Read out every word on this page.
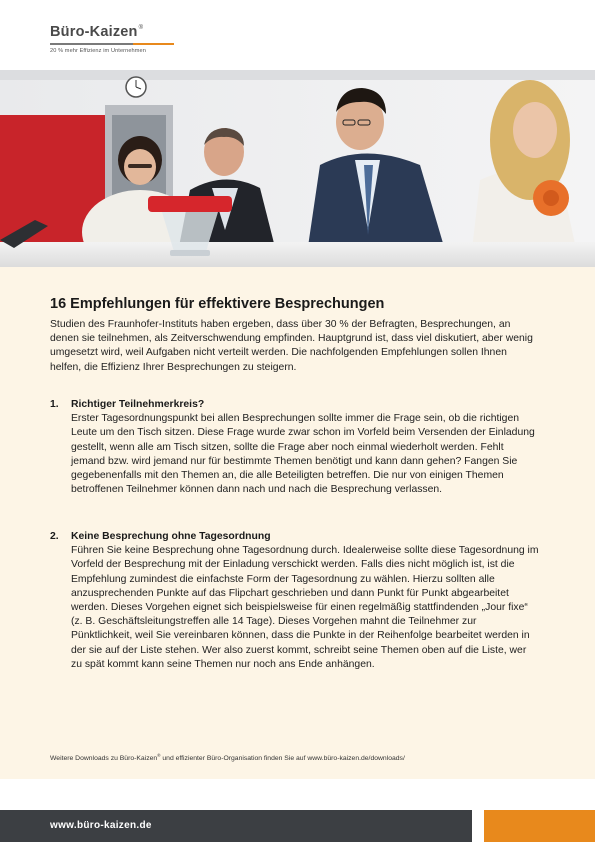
Büro-Kaizen®
20 % mehr Effizienz im Unternehmen
16 Empfehlungen für effektivere Besprechungen

Studien des Fraunhofer-Instituts haben ergeben, dass über 30 % der Befragten, Besprechungen, an denen sie teilnehmen, als Zeitverschwendung empfinden. Hauptgrund ist, dass viel diskutiert, aber wenig umgesetzt wird, weil Aufgaben nicht verteilt werden. Die nachfolgenden Empfehlungen sollen Ihnen helfen, die Effizienz Ihrer Besprechungen zu steigern.

1.	Richtiger Teilnehmerkreis?

Erster Tagesordnungspunkt bei allen Besprechungen sollte immer die Frage sein, ob die richtigen Leute um den Tisch sitzen. Diese Frage wurde zwar schon im Vorfeld beim Versenden der Einladung gestellt, wenn alle am Tisch sitzen, sollte die Frage aber noch einmal wiederholt werden. Fehlt jemand bzw. wird jemand nur für bestimmte Themen benötigt und kann dann gehen? Fangen Sie gegebenenfalls mit den Themen an, die alle Beteiligten betreffen. Die nur von einigen Themen betroffenen Teilnehmer können dann nach und nach die Besprechung verlassen.

2.	Keine Besprechung ohne Tagesordnung

Führen Sie keine Besprechung ohne Tagesordnung durch. Idealerweise sollte diese Tagesordnung im Vorfeld der Besprechung mit der Einladung verschickt werden. Falls dies nicht möglich ist, ist die Empfehlung zumindest die einfachste Form der Tagesordnung zu wählen. Hierzu sollten alle anzusprechenden Punkte auf das Flipchart geschrieben und dann Punkt für Punkt abgearbeitet werden. Dieses Vorgehen eignet sich beispielsweise für einen regelmäßig stattfindenden „Jour fixe“ (z. B. Geschäftsleitungstreffen alle 14 Tage). Dieses Vorgehen mahnt die Teilnehmer zur Pünktlichkeit, weil Sie vereinbaren können, dass die Punkte in der Reihenfolge bearbeitet werden in der sie auf der Liste stehen. Wer also zuerst kommt, schreibt seine Themen oben auf die Liste, wer zu spät kommt kann seine Themen nur noch ans Ende anhängen.

Weitere Downloads zu Büro-Kaizen® und effizienter Büro-Organisation finden Sie auf www.büro-kaizen.de/downloads/
www.büro-kaizen.de
